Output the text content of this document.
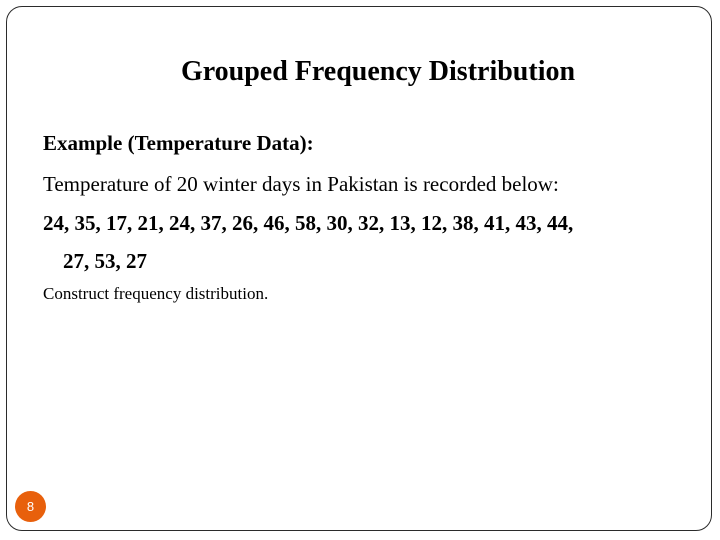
Grouped Frequency Distribution
Example (Temperature Data):
Temperature of 20 winter days in Pakistan is recorded below:
24, 35, 17, 21, 24, 37, 26, 46, 58, 30, 32, 13, 12, 38, 41, 43, 44,
27, 53, 27
Construct frequency distribution.
8
